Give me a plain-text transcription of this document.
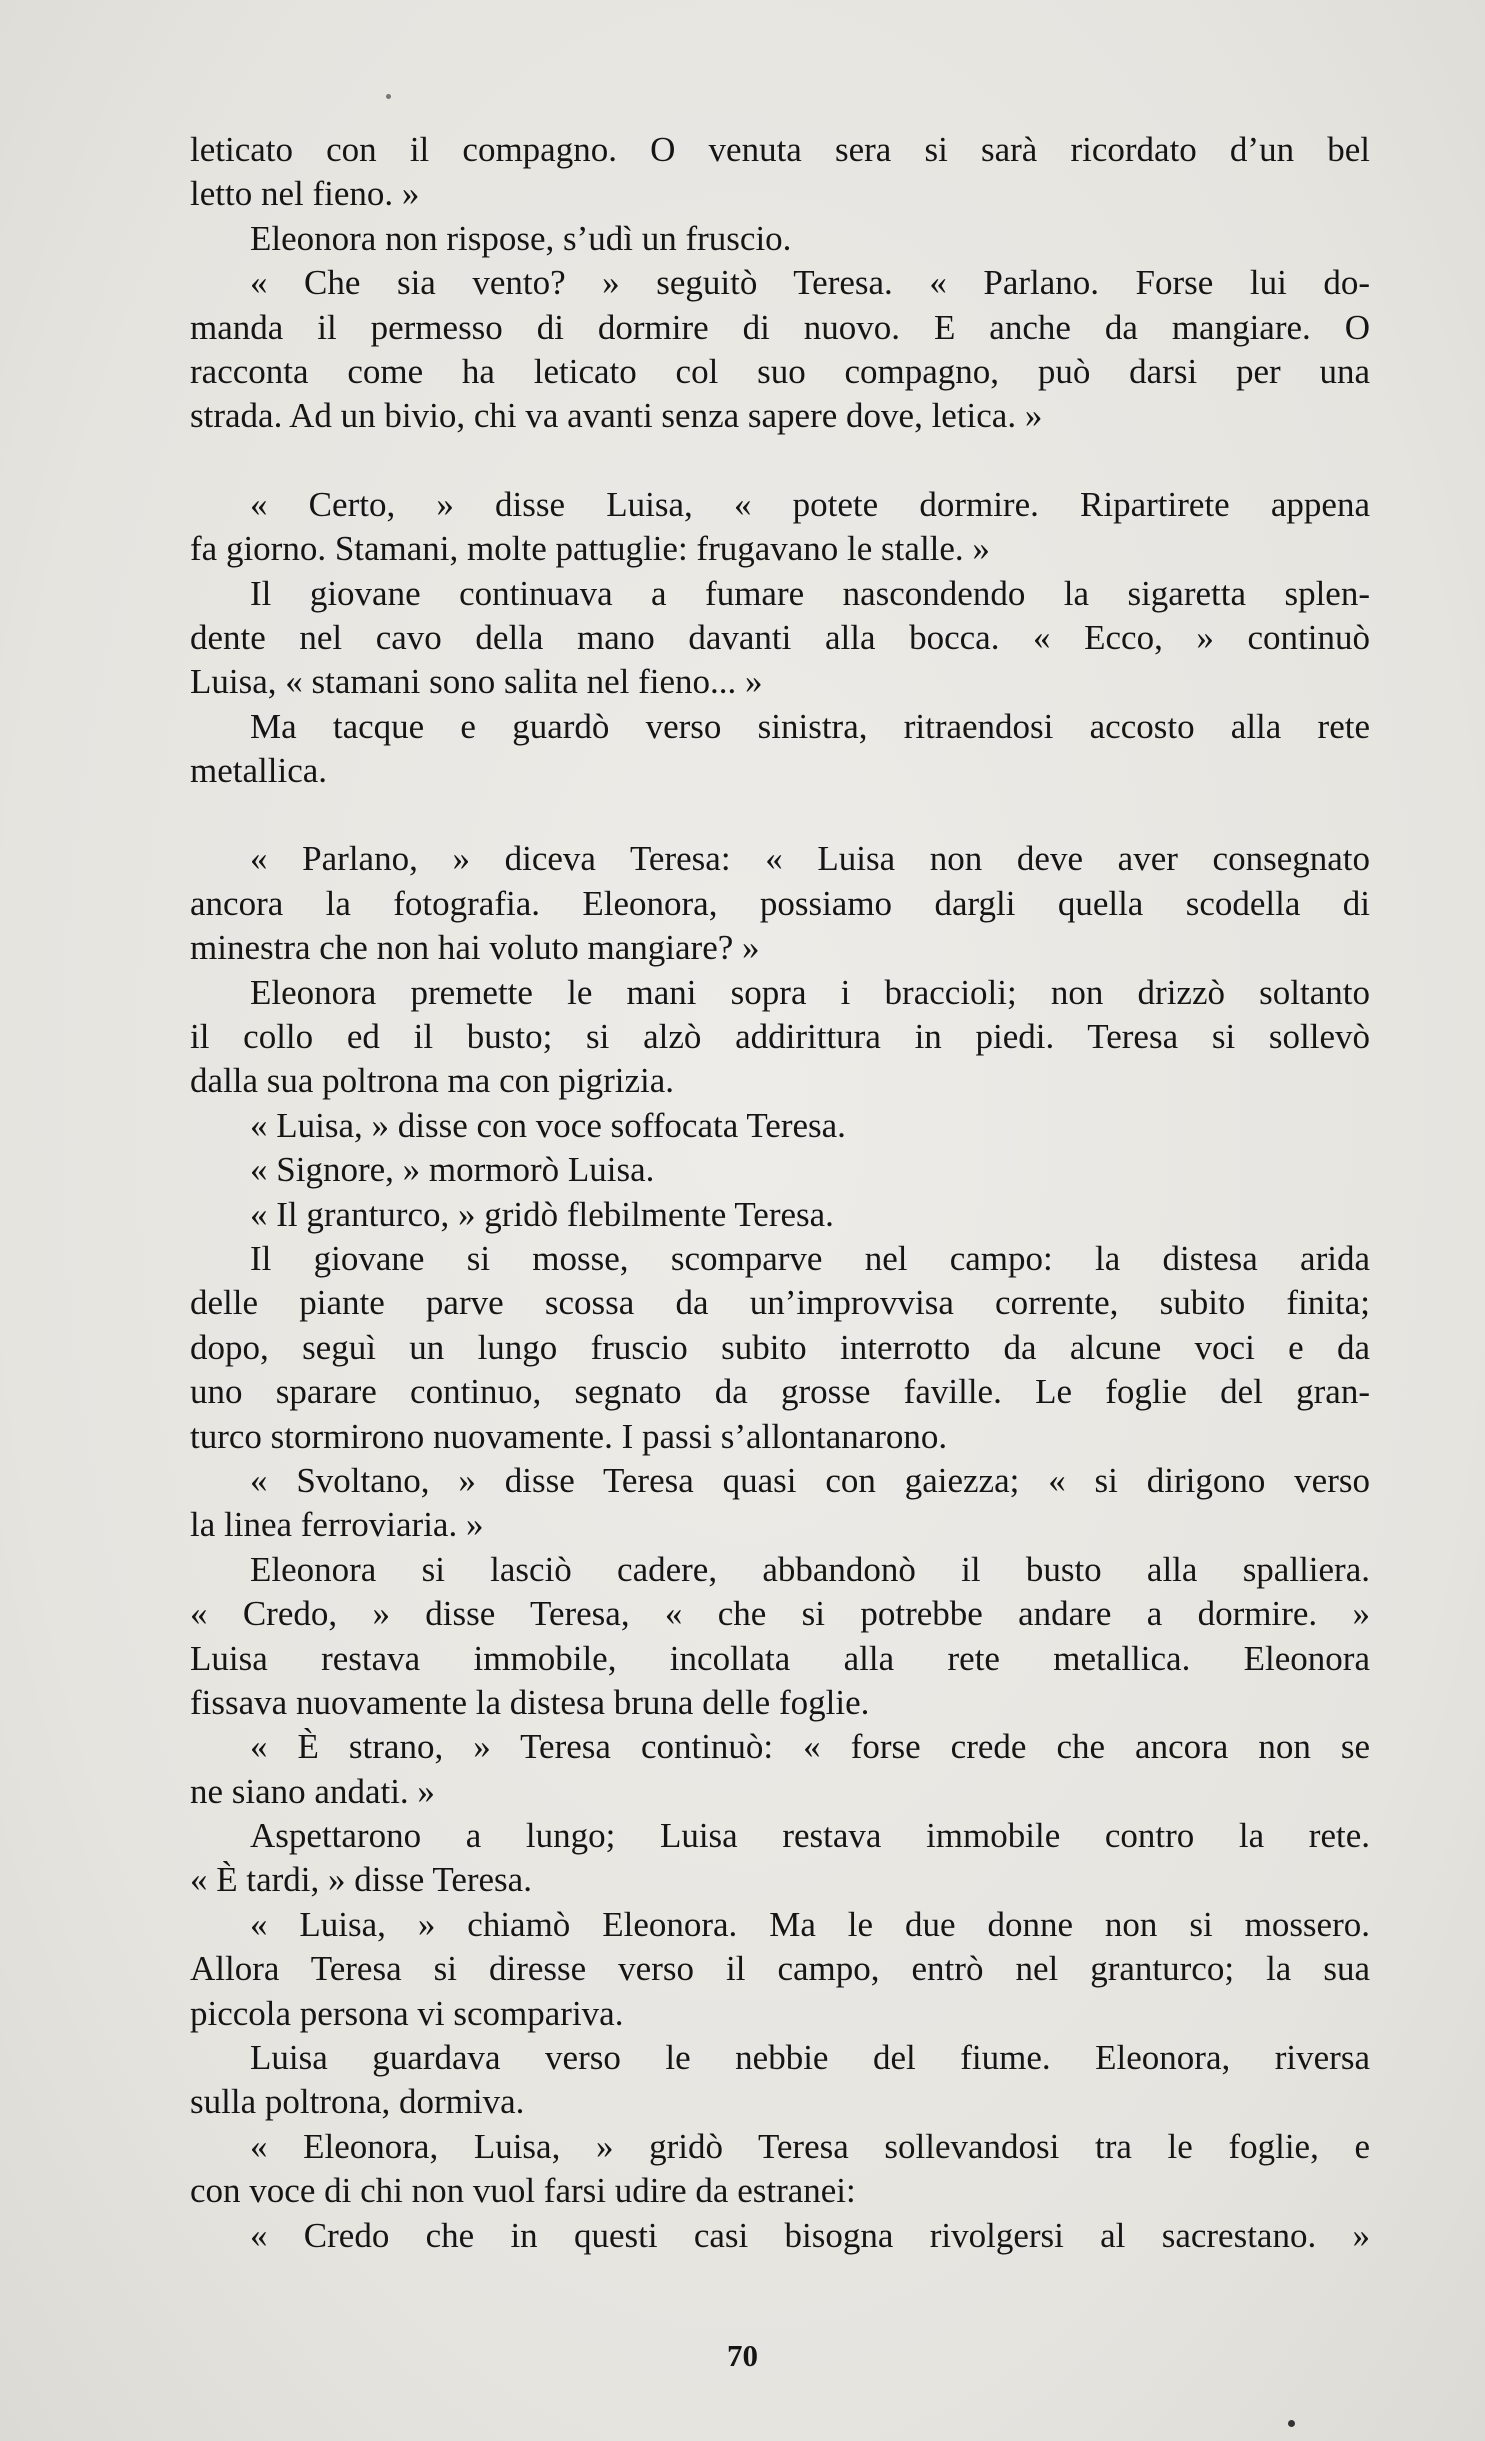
leticato con il compagno. O venuta sera si sarà ricordato d’un bel
letto nel fieno. »
Eleonora non rispose, s’udì un fruscio.
« Che sia vento? » seguitò Teresa. « Parlano. Forse lui do-
manda il permesso di dormire di nuovo. E anche da mangiare. O
racconta come ha leticato col suo compagno, può darsi per una
strada. Ad un bivio, chi va avanti senza sapere dove, letica. »
« Certo, » disse Luisa, « potete dormire. Ripartirete appena
fa giorno. Stamani, molte pattuglie: frugavano le stalle. »
Il giovane continuava a fumare nascondendo la sigaretta splen-
dente nel cavo della mano davanti alla bocca. « Ecco, » continuò
Luisa, « stamani sono salita nel fieno... »
Ma tacque e guardò verso sinistra, ritraendosi accosto alla rete
metallica.
« Parlano, » diceva Teresa: « Luisa non deve aver consegnato
ancora la fotografia. Eleonora, possiamo dargli quella scodella di
minestra che non hai voluto mangiare? »
Eleonora premette le mani sopra i braccioli; non drizzò soltanto
il collo ed il busto; si alzò addirittura in piedi. Teresa si sollevò
dalla sua poltrona ma con pigrizia.
« Luisa, » disse con voce soffocata Teresa.
« Signore, » mormorò Luisa.
« Il granturco, » gridò flebilmente Teresa.
Il giovane si mosse, scomparve nel campo: la distesa arida
delle piante parve scossa da un’improvvisa corrente, subito finita;
dopo, seguì un lungo fruscio subito interrotto da alcune voci e da
uno sparare continuo, segnato da grosse faville. Le foglie del gran-
turco stormirono nuovamente. I passi s’allontanarono.
« Svoltano, » disse Teresa quasi con gaiezza; « si dirigono verso
la linea ferroviaria. »
Eleonora si lasciò cadere, abbandonò il busto alla spalliera.
« Credo, » disse Teresa, « che si potrebbe andare a dormire. »
Luisa restava immobile, incollata alla rete metallica. Eleonora
fissava nuovamente la distesa bruna delle foglie.
« È strano, » Teresa continuò: « forse crede che ancora non se
ne siano andati. »
Aspettarono a lungo; Luisa restava immobile contro la rete.
« È tardi, » disse Teresa.
« Luisa, » chiamò Eleonora. Ma le due donne non si mossero.
Allora Teresa si diresse verso il campo, entrò nel granturco; la sua
piccola persona vi scompariva.
Luisa guardava verso le nebbie del fiume. Eleonora, riversa
sulla poltrona, dormiva.
« Eleonora, Luisa, » gridò Teresa sollevandosi tra le foglie, e
con voce di chi non vuol farsi udire da estranei:
« Credo che in questi casi bisogna rivolgersi al sacrestano. »
70
